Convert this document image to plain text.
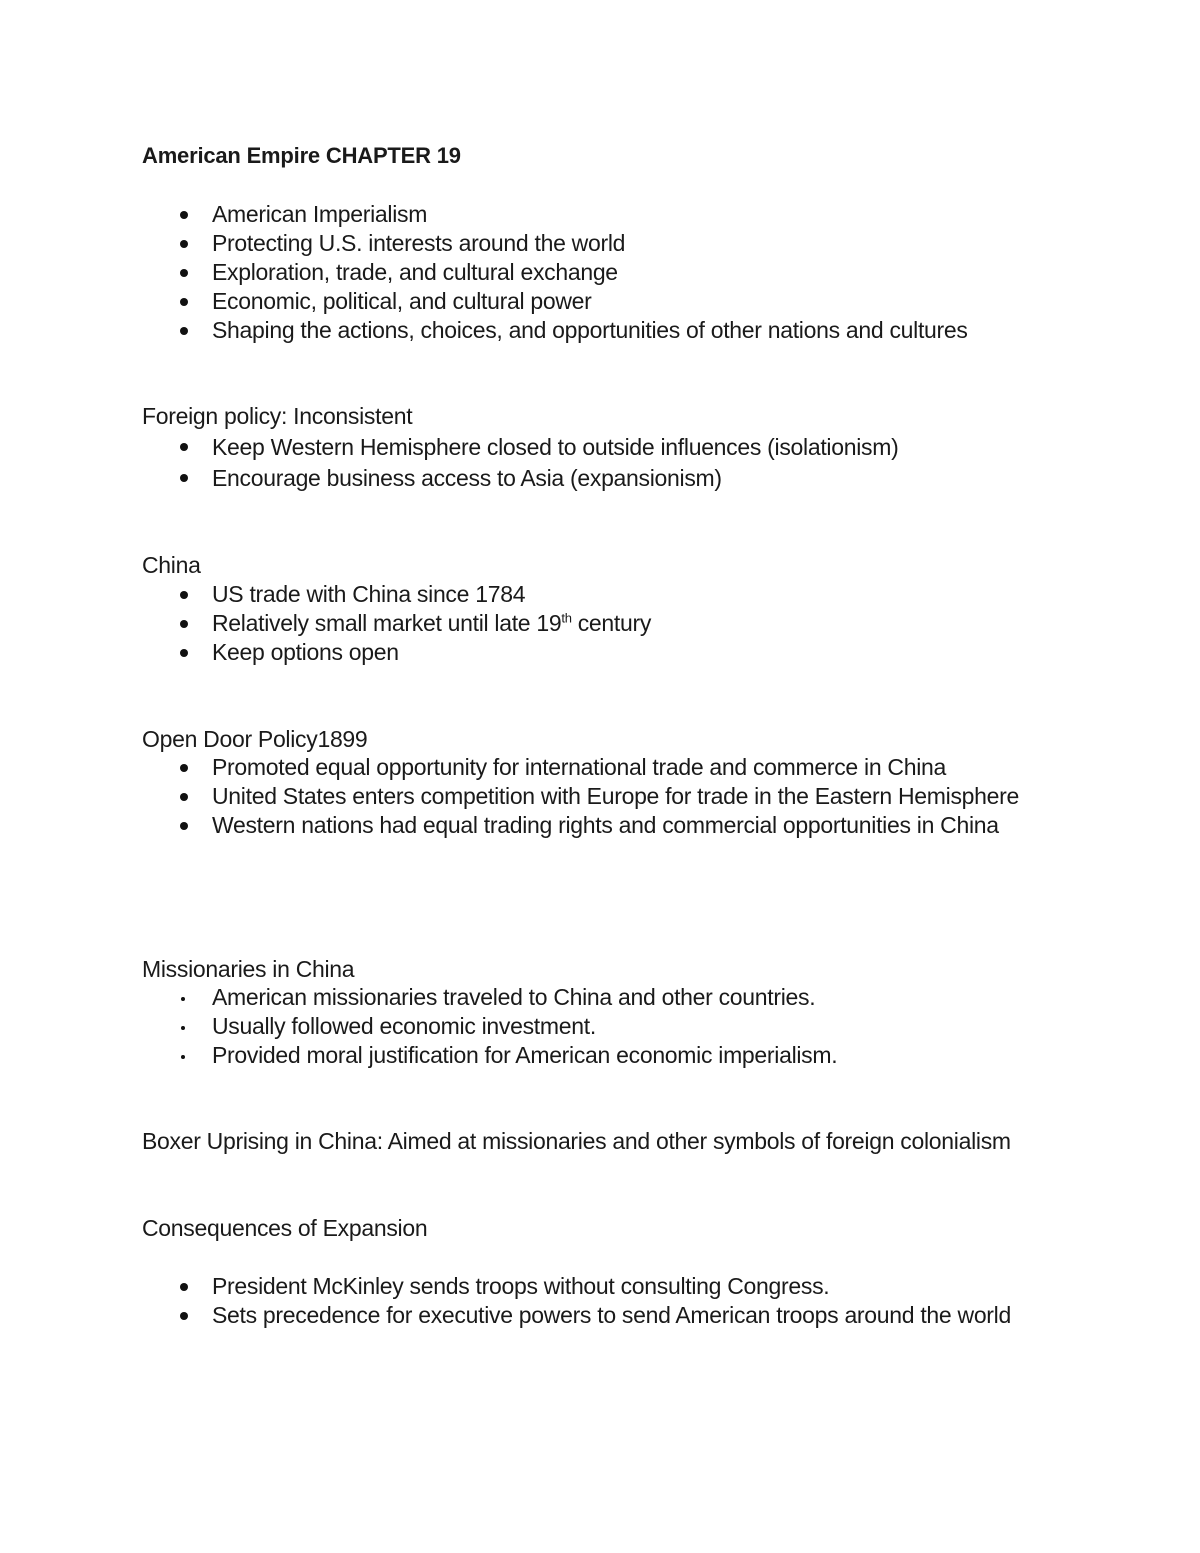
American Empire CHAPTER 19
American Imperialism
Protecting U.S. interests around the world
Exploration, trade, and cultural exchange
Economic, political, and cultural power
Shaping the actions, choices, and opportunities of other nations and cultures

Foreign policy: Inconsistent

Keep Western Hemisphere closed to outside influences (isolationism)
Encourage business access to Asia (expansionism)

China

US trade with China since 1784
Relatively small market until late 19th century
Keep options open

Open Door Policy1899

Promoted equal opportunity for international trade and commerce in China
United States enters competition with Europe for trade in the Eastern Hemisphere
Western nations had equal trading rights and commercial opportunities in China

Missionaries in China

American missionaries traveled to China and other countries.
Usually followed economic investment.
Provided moral justification for American economic imperialism.

Boxer Uprising in China: Aimed at missionaries and other symbols of foreign colonialism

Consequences of Expansion

President McKinley sends troops without consulting Congress.
Sets precedence for executive powers to send American troops around the world
